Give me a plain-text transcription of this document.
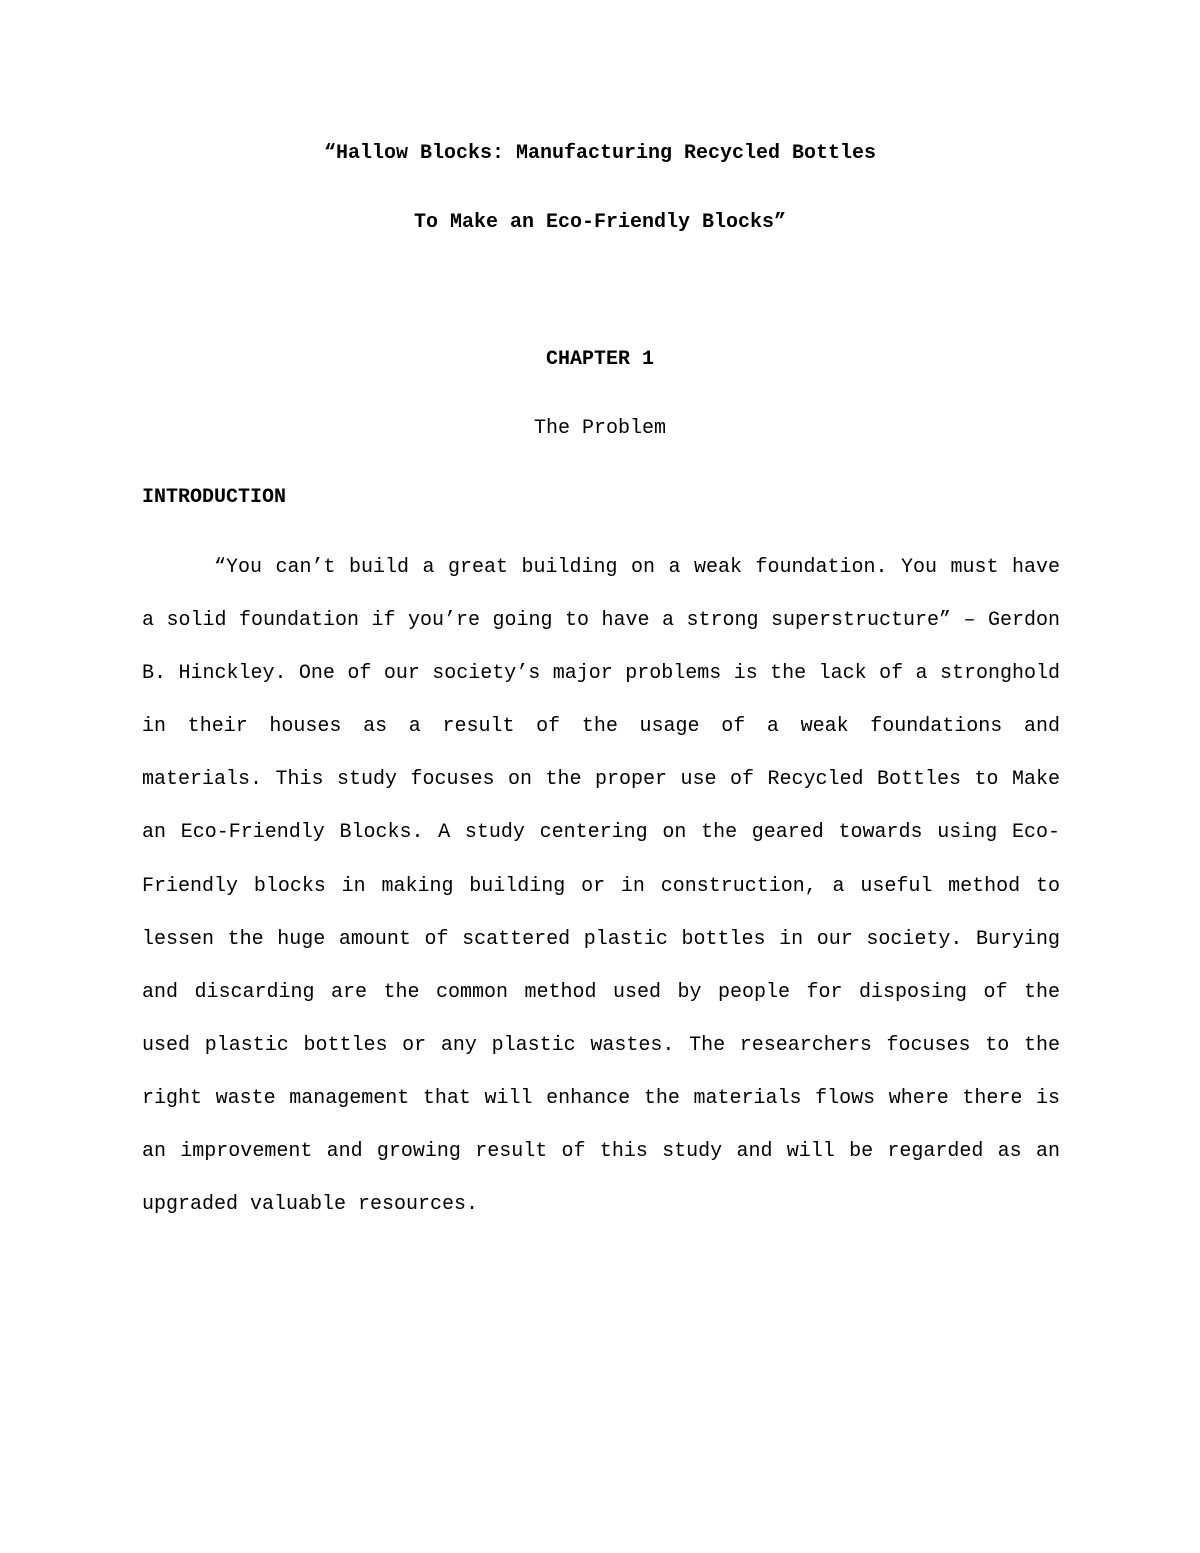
“Hallow Blocks: Manufacturing Recycled Bottles
To Make an Eco-Friendly Blocks”
CHAPTER 1
The Problem
INTRODUCTION

“You can’t build a great building on a weak foundation. You must have a solid foundation if you’re going to have a strong superstructure” – Gerdon B. Hinckley. One of our society’s major problems is the lack of a stronghold in their houses as a result of the usage of a weak foundations and materials. This study focuses on the proper use of Recycled Bottles to Make an Eco-Friendly Blocks. A study centering on the geared towards using Eco-Friendly blocks in making building or in construction, a useful method to lessen the huge amount of scattered plastic bottles in our society. Burying and discarding are the common method used by people for disposing of the used plastic bottles or any plastic wastes. The researchers focuses to the right waste management that will enhance the materials flows where there is an improvement and growing result of this study and will be regarded as an upgraded valuable resources.
